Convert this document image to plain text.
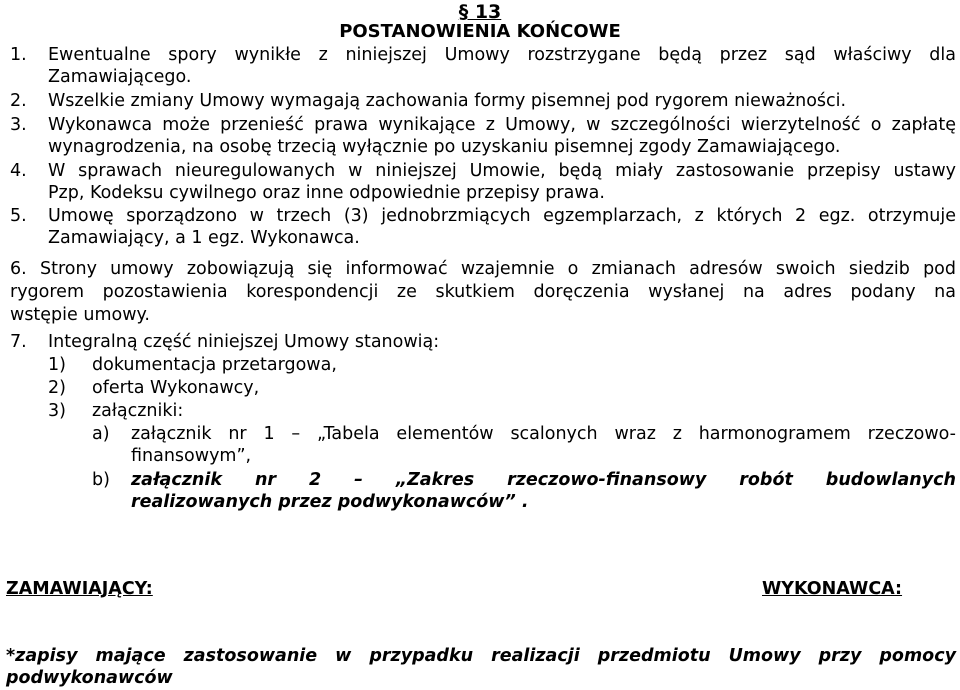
§ 13
POSTANOWIENIA KOŃCOWE
1. Ewentualne spory wynikłe z niniejszej Umowy rozstrzygane będą przez sąd właściwy dla
Zamawiającego.
2. Wszelkie zmiany Umowy wymagają zachowania formy pisemnej pod rygorem nieważności.
3. Wykonawca może przenieść prawa wynikające z Umowy, w szczególności wierzytelność o zapłatę
wynagrodzenia, na osobę trzecią wyłącznie po uzyskaniu pisemnej zgody Zamawiającego.
4. W sprawach nieuregulowanych w niniejszej Umowie, będą miały zastosowanie przepisy ustawy
Pzp, Kodeksu cywilnego oraz inne odpowiednie przepisy prawa.
5. Umowę sporządzono w trzech (3) jednobrzmiących egzemplarzach, z których 2 egz. otrzymuje
Zamawiający, a 1 egz. Wykonawca.
6. Strony umowy zobowiązują się informować wzajemnie o zmianach adresów swoich siedzib pod
rygorem pozostawienia korespondencji ze skutkiem doręczenia wysłanej na adres podany na
wstępie umowy.
7. Integralną część niniejszej Umowy stanowią:
1) dokumentacja przetargowa,
2) oferta Wykonawcy,
3) załączniki:
a) załącznik nr 1 – „Tabela elementów scalonych wraz z harmonogramem rzeczowo-
finansowym”,
b) załącznik nr 2 – „Zakres rzeczowo-finansowy robót budowlanych
realizowanych przez podwykonawców” .
ZAMAWIAJĄCY:	WYKONAWCA:
*zapisy mające zastosowanie w przypadku realizacji przedmiotu Umowy przy pomocy
podwykonawców
